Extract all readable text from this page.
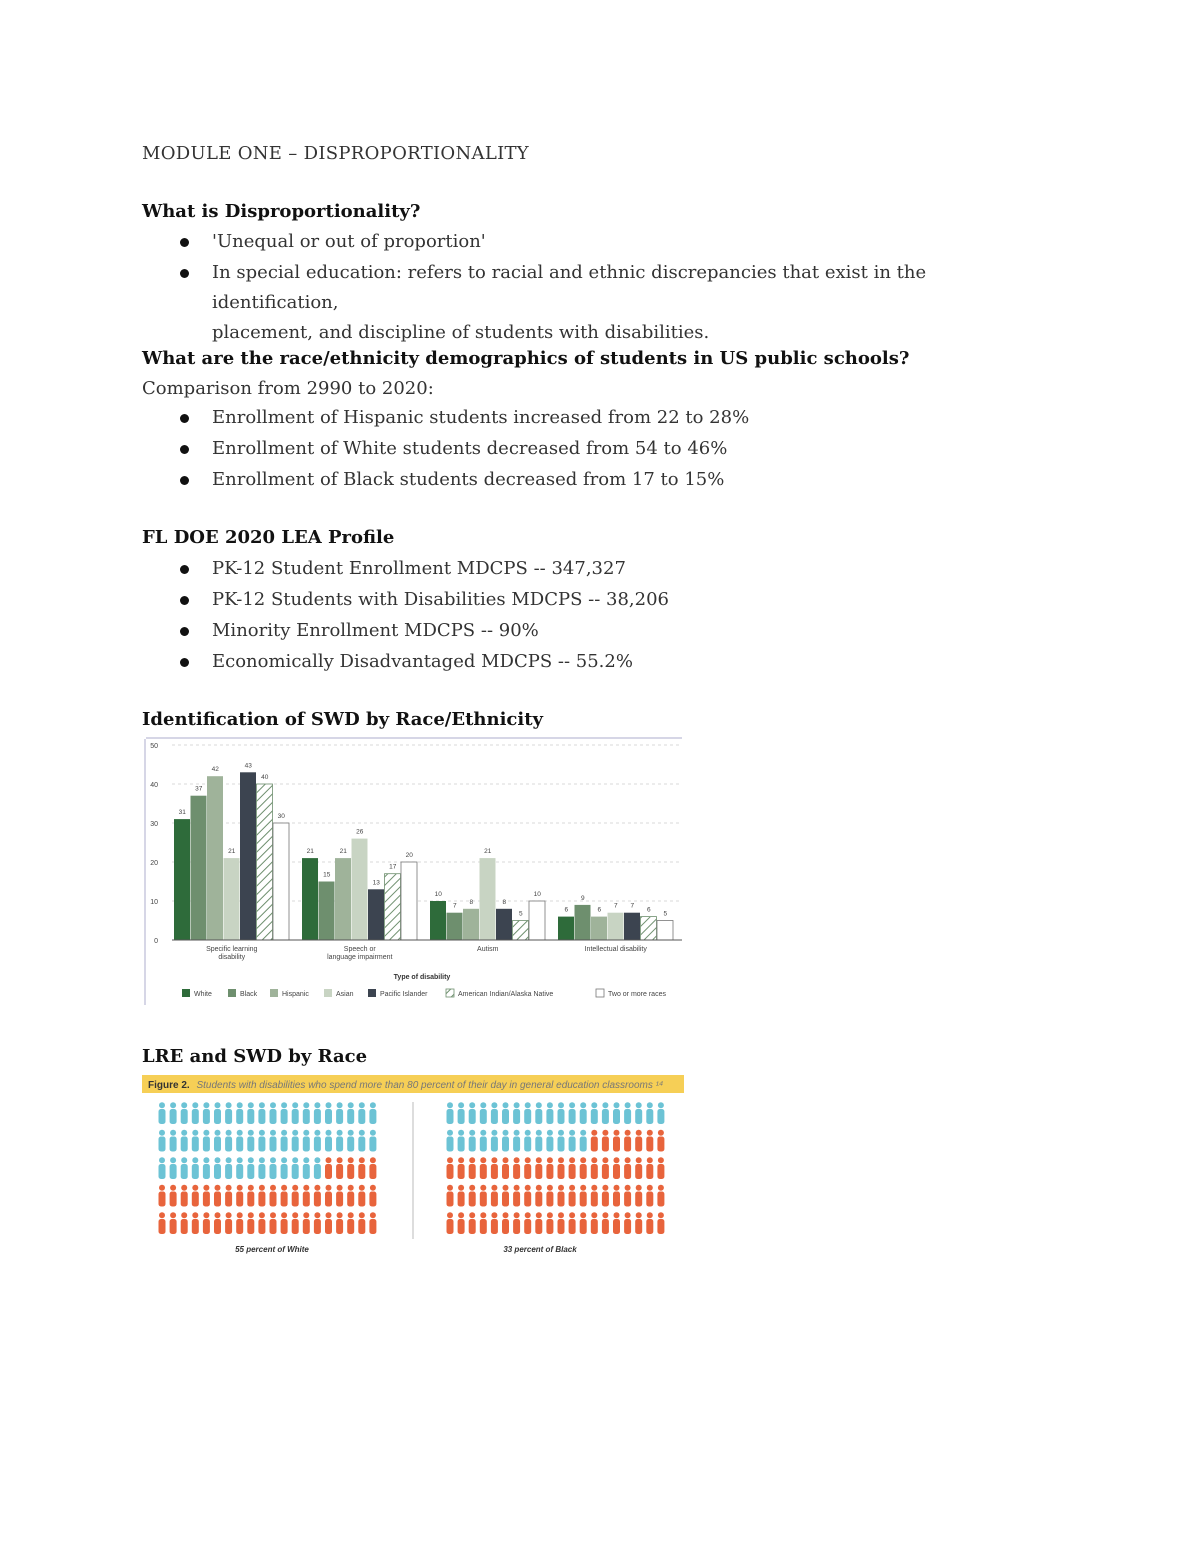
MODULE ONE – DISPROPORTIONALITY
What is Disproportionality?
'Unequal or out of proportion'
In special education: refers to racial and ethnic discrepancies that exist in the identification,
placement, and discipline of students with disabilities.
What are the race/ethnicity demographics of students in US public schools?
Comparison from 2990 to 2020:
Enrollment of Hispanic students increased from 22 to 28%
Enrollment of White students decreased from 54 to 46%
Enrollment of Black students decreased from 17 to 15%
FL DOE 2020 LEA Profile
PK-12 Student Enrollment MDCPS -- 347,327
PK-12 Students with Disabilities MDCPS -- 38,206
Minority Enrollment MDCPS -- 90%
Economically Disadvantaged MDCPS -- 55.2%
Identification of SWD by Race/Ethnicity
31
37
42
21
43
40
30
21
15
21
26
13
17
20
10
7
8
21
8
5
10
6
9
6
7 7
6
5
0
10
20
30
40
50
Specific learning
disability
Speech or
language impairment
Autism	Intellectual disability
Type of disability
White	Black	Hispanic	Asian	Pacific Islander	American Indian/Alaska Native	Two or more races
LRE and SWD by Race
Figure 2. Students with disabilities who spend more than 80 percent of their day in general education classrooms ¹⁴
55 percent of White	33 percent of Black
